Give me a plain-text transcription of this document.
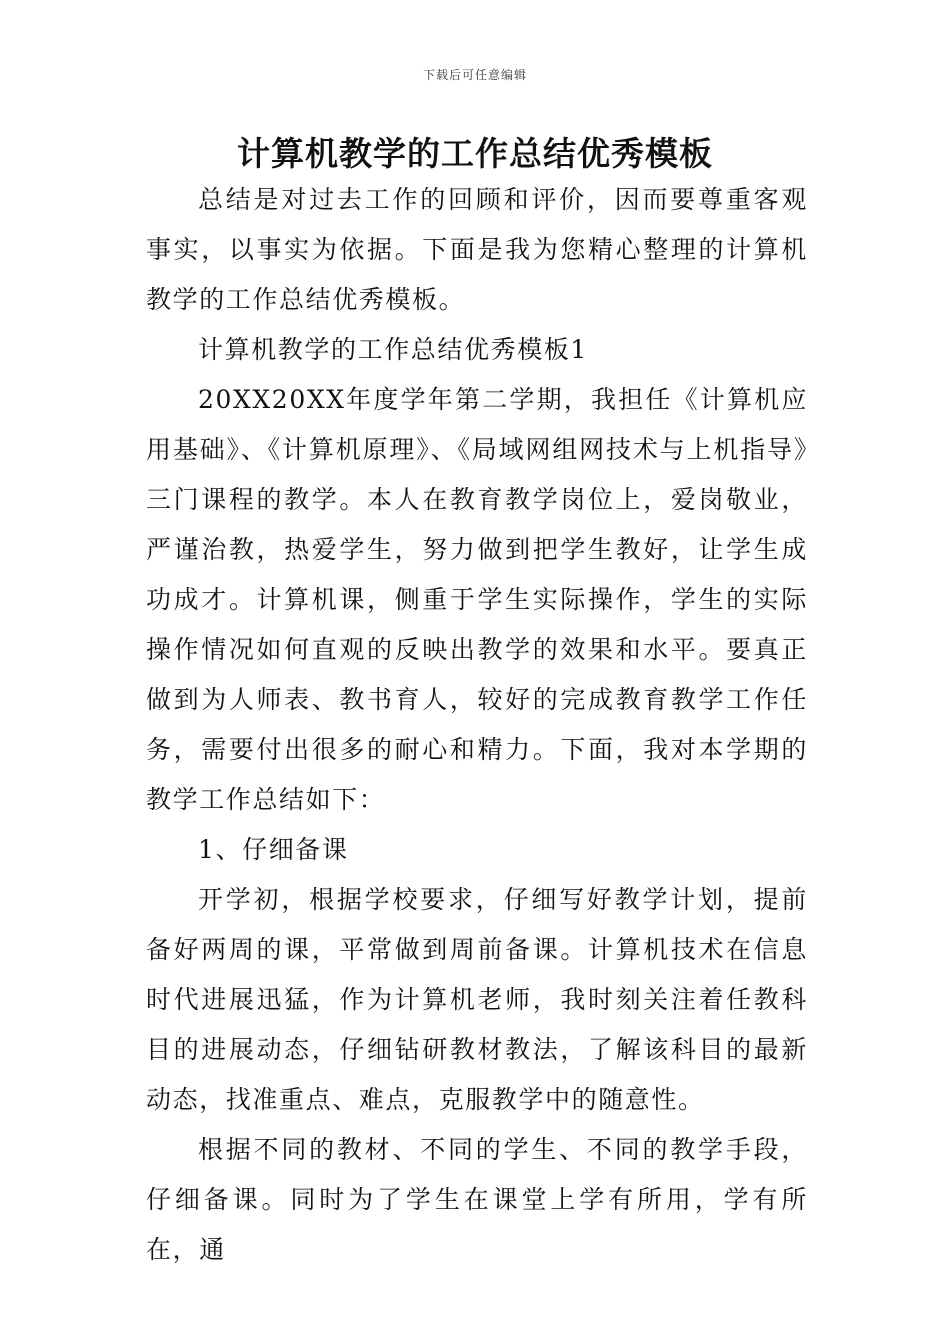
下载后可任意编辑
计算机教学的工作总结优秀模板

总结是对过去工作的回顾和评价，因而要尊重客观事实，以事实为依据。下面是我为您精心整理的计算机教学的工作总结优秀模板。

计算机教学的工作总结优秀模板1

20XX20XX年度学年第二学期，我担任《计算机应用基础》、《计算机原理》、《局域网组网技术与上机指导》三门课程的教学。本人在教育教学岗位上，爱岗敬业，严谨治教，热爱学生，努力做到把学生教好，让学生成功成才。计算机课，侧重于学生实际操作，学生的实际操作情况如何直观的反映出教学的效果和水平。要真正做到为人师表、教书育人，较好的完成教育教学工作任务，需要付出很多的耐心和精力。下面，我对本学期的教学工作总结如下：

1、仔细备课

开学初，根据学校要求，仔细写好教学计划，提前备好两周的课，平常做到周前备课。计算机技术在信息时代进展迅猛，作为计算机老师，我时刻关注着任教科目的进展动态，仔细钻研教材教法，了解该科目的最新动态，找准重点、难点，克服教学中的随意性。

根据不同的教材、不同的学生、不同的教学手段，仔细备课。同时为了学生在课堂上学有所用，学有所在，通
